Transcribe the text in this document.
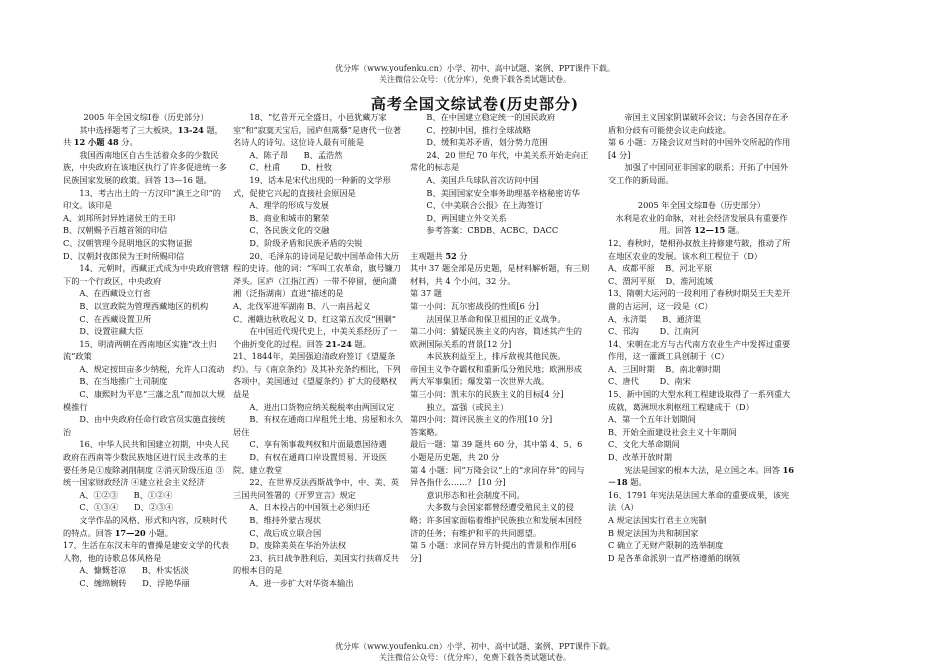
优分库（www.youfenku.cn）小学、初中、高中试题、案例、PPT课件下载。
关注微信公众号：（优分库），免费下载各类试题试卷。
高考全国文综试卷(历史部分)

2005 年全国文综Ⅰ卷（历史部分）

其中选择题考了三大板块，13-24 题，共 12 小题 48 分。

我国西南地区自古生活着众多的少数民族，中央政府在该地区执行了许多促进统一多民族国家发展的政策。回答 13—16 题。

13、考古出土的一方汉印“滇王之印”的印文。该印是

A、刘邦所封异姓诸侯王的王印

B、汉朝赐予百越首领的印信

C、汉朝管理今昆明地区的实物证据

D、汉朝封夜郎侯为王时所赐印信

14、元朝时，西藏正式成为中央政府管辖下的一个行政区，中央政府

A、在西藏设立行省

B、以宣政院为管理西藏地区的机构

C、在西藏设置卫所

D、设置驻藏大臣

15、明清两朝在西南地区实施“改土归流”政策

A、规定按田亩多少纳税，允许人口流动

B、在当地推广土司制度

C、康熙时为平息“三藩之乱”而加以大规模推行

D、由中央政府任命行政官员实施直接统治

16、中华人民共和国建立初期，中央人民政府在西南等少数民族地区进行民主改革的主要任务是①废除剥削制度 ②消灭阶级压迫 ③统一国家财政经济 ④建立社会主义经济

A、①②③      B、①②④

C、①③④      D、②③④

文学作品的风格、形式和内容，反映时代的特点。回答 17—20 小题。

17、生活在东汉末年的曹操是建安文学的代表人物，他的诗歌总体风格是

A、慷慨苍凉      B、朴实恬淡

C、缠绵婉转      D、浮艳华丽

18、“忆昔开元全盛日，小邑犹藏万家室”和“寂寞天宝后，园庐但蒿藜”是唐代一位著名诗人的诗句。这位诗人最有可能是

A、陈子昂      B、孟浩然

C、杜甫        D、杜牧

19、话本是宋代出现的一种新的文学形式，促使它兴起的直接社会原因是

A、理学的形成与发展

B、商业和城市的繁荣

C、各民族文化的交融

D、阶级矛盾和民族矛盾的尖锐

20、毛泽东的诗词是记载中国革命伟大历程的史诗。他的词：“军叫工农革命，旗号镰刀斧头。匡庐（江指江西）一带不停留，便向潇湘（泛指湖南）直进”描述的是

A、北伐军进军湖南 B、八一南昌起义

C、湘赣边秋收起义 D、红这第五次反“围剿”

在中国近代现代史上，中美关系经历了一个曲折变化的过程。回答 21-24 题。

21、1844年，美国强迫清政府签订《望厦条约》。与《南京条约》及其补充条约相比，下列各项中，美国通过《望厦条约》扩大的侵略权益是

A、进出口货物应纳关税税率由两国议定

B、有权在通商口岸租凭土地、房屋和永久居住

C、享有领事裁判权和片面最惠国待遇

D、有权在通商口岸设置贸易、开设医院、建立教堂

22、在世界反法西斯战争中，中、美、英三国共同签署的《开罗宣言》规定

A、日本投占的中国领土必须归还

B、维持外蒙古现状

C、战后成立联合国

D、废除美英在华治外法权

23、抗日战争胜利后，美国实行扶蒋反共的根本目的是

A、进一步扩大对华资本输出

B、在中国建立稳定统一的国民政府

C、控制中国，推行全球战略

D、缓和美苏矛盾，划分势力范围

24、20 世纪 70 年代，中美关系开始走向正常化的标志是

A、美国乒乓球队首次访问中国

B、美国国家安全事务助理基辛格秘密访华

C、《中美联合公报》在上海签订

D、两国建立外交关系

参考答案：CBDB、ACBC、DACC

主观题共 52 分

其中 37 题全部是历史题，是材料解析题，有三则材料，共 4 个小问，32 分。

第 37 题

第一小问：瓦尔密战役的性质[6 分]

法国保卫革命和保卫祖国的正义战争。

第二小问：猜疑民族主义的内容，简述其产生的欧洲国际关系的背景[12 分]

本民族利益至上，排斥敌视其他民族。

帝国主义争夺霸权和重新瓜分殖民地；欧洲形成两大军事集团；爆发第一次世界大战。

第三小问：凯末尔的民族主义的目标[4 分]

独立，富强（或民主）

第四小问：简评民族主义的作用[10 分]

答案略。

最后一题：第 39 题共 60 分，其中第 4、5、6 小题是历史题，共 20 分

第 4 小题：同“万隆会议”上的“求同存异”的同与异各指什么……？ [10 分]

意识形态和社会制度不同。

大多数与会国家都曾经遭受殖民主义的侵略；许多国家面临着维护民族独立和发展本国经济的任务；有维护和平的共同愿望。

第 5 小题：求同存异方针提出的背景和作用[6 分]

帝国主义国家阴谋破坏会议；与会各国存在矛盾和分歧有可能使会议走向歧途。

第 6 小题：万隆会议对当时的中国外交所起的作用[4 分]

加强了中国同亚非国家的联系；开拓了中国外交工作的新局面。

2005 年全国文综Ⅱ卷（历史部分）

水利是农业的命脉，对社会经济发展具有重要作用。回答 12—15 题。

12、春秋时，楚相孙叔敖主持修建芍陂，推动了所在地区农业的发展。该水利工程位于（D）

A、成都平原    B、河北平原

C、渭河平原    D、淮河流域

13、隋朝大运河的一段利用了春秋时期吴王夫差开凿的古运河，这一段是（C）

A、永济渠      B、通济渠

C、邗沟        D、江南河

14、宋朝在北方与古代南方农业生产中发挥过重要作用，这一灌溉工具创制于（C）

A、三国时期    B、南北朝时期

C、唐代        D、南宋

15、新中国的大型水利工程建设取得了一系列重大成就，葛洲坝水利枢纽工程建成于（D）

A、第一个五年计划期间

B、开始全面建设社会主义十年期间

C、文化大革命期间

D、改革开放时期

宪法是国家的根本大法，是立国之本。回答 16－18 题。

16、1791 年宪法是法国大革命的重要成果，该宪法（A）

A 规定法国实行君主立宪制

B 规定法国为共和制国家

C 确立了无财产限制的选举制度

D 是各革命派别一直严格遵循的纲领

优分库（www.youfenku.cn）小学、初中、高中试题、案例、PPT课件下载。
关注微信公众号：（优分库），免费下载各类试题试卷。
